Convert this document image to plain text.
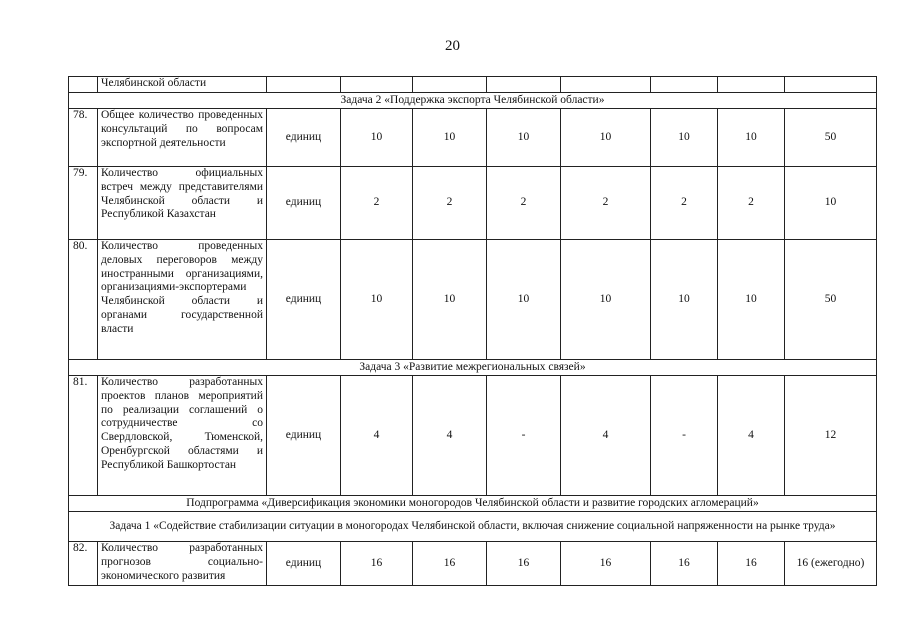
20
	Челябинской области								
Задача 2 «Поддержка экспорта Челябинской области»									
78.	Общее количество проведенных консультаций по вопросам экспортной деятельности	единиц	10	10	10	10	10	10	50
79.	Количество официальных встреч между представителями Челябинской области и Республикой Казахстан	единиц	2	2	2	2	2	2	10
80.	Количество проведенных деловых переговоров между иностранными организациями, организациями-экспортерами Челябинской области и органами государственной власти	единиц	10	10	10	10	10	10	50
Задача 3 «Развитие межрегиональных связей»									
81.	Количество разработанных проектов планов мероприятий по реализации соглашений о сотрудничестве со Свердловской, Тюменской, Оренбургской областями и Республикой Башкортостан	единиц	4	4	-	4	-	4	12
Подпрограмма «Диверсификация экономики моногородов Челябинской области и развитие городских агломераций»									
Задача 1 «Содействие стабилизации ситуации в моногородах Челябинской области, включая снижение социальной напряженности на рынке труда»									
82.	Количество разработанных прогнозов социально-экономического развития	единиц	16	16	16	16	16	16	16 (ежегодно)
